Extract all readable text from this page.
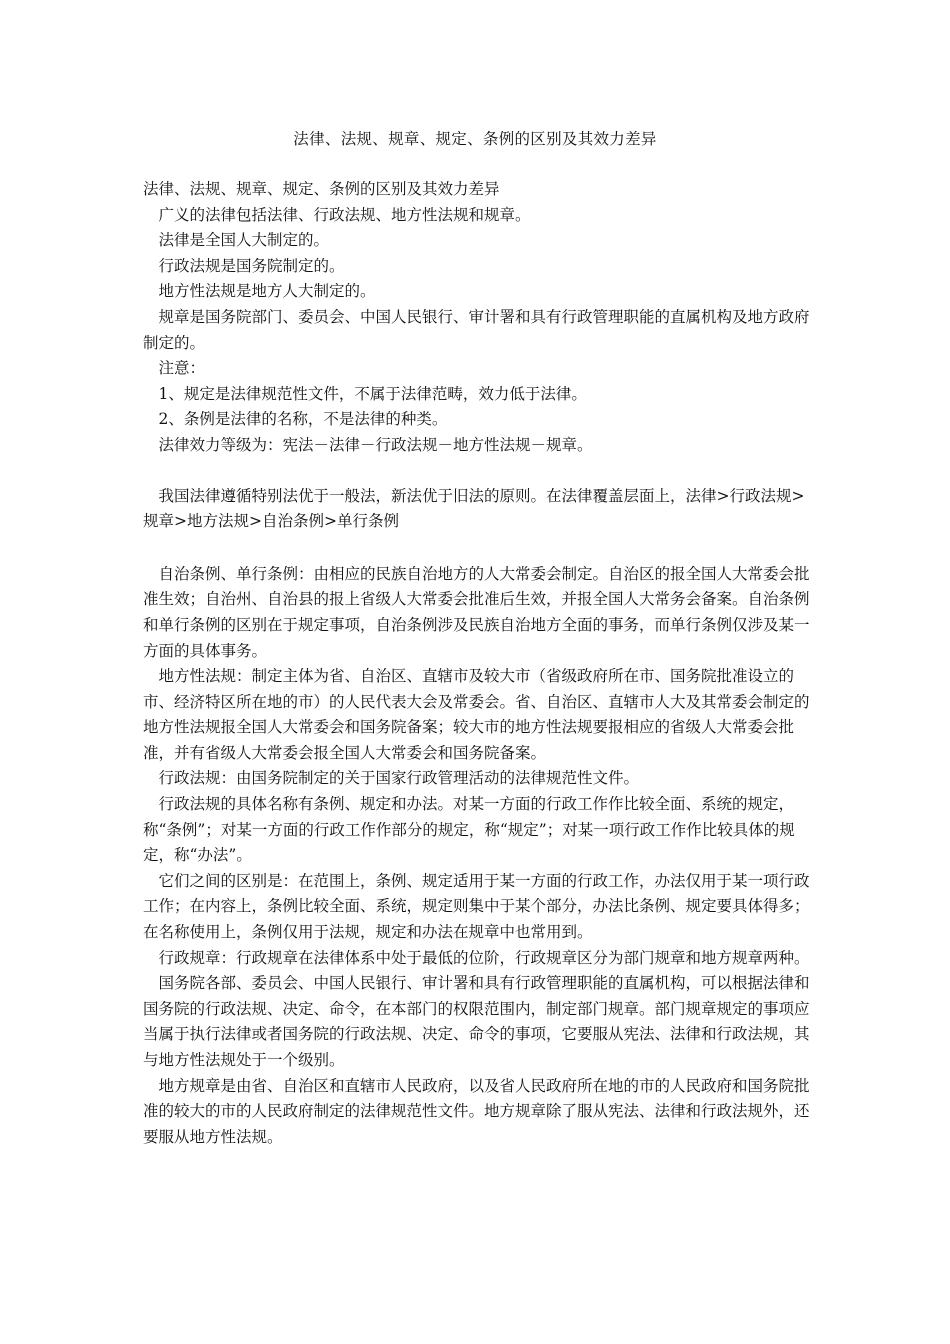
法律、法规、规章、规定、条例的区别及其效力差异

法律、法规、规章、规定、条例的区别及其效力差异

广义的法律包括法律、行政法规、地方性法规和规章。

法律是全国人大制定的。

行政法规是国务院制定的。

地方性法规是地方人大制定的。

规章是国务院部门、委员会、中国人民银行、审计署和具有行政管理职能的直属机构及地方政府制定的。

注意：

1、规定是法律规范性文件，不属于法律范畴，效力低于法律。

2、条例是法律的名称，不是法律的种类。

法律效力等级为：宪法－法律－行政法规－地方性法规－规章。

我国法律遵循特别法优于一般法，新法优于旧法的原则。在法律覆盖层面上，法律>行政法规>规章>地方法规>自治条例>单行条例

自治条例、单行条例：由相应的民族自治地方的人大常委会制定。自治区的报全国人大常委会批准生效；自治州、自治县的报上省级人大常委会批准后生效，并报全国人大常务会备案。自治条例和单行条例的区别在于规定事项，自治条例涉及民族自治地方全面的事务，而单行条例仅涉及某一方面的具体事务。

地方性法规：制定主体为省、自治区、直辖市及较大市（省级政府所在市、国务院批准设立的市、经济特区所在地的市）的人民代表大会及常委会。省、自治区、直辖市人大及其常委会制定的地方性法规报全国人大常委会和国务院备案；较大市的地方性法规要报相应的省级人大常委会批准，并有省级人大常委会报全国人大常委会和国务院备案。

行政法规：由国务院制定的关于国家行政管理活动的法律规范性文件。

行政法规的具体名称有条例、规定和办法。对某一方面的行政工作作比较全面、系统的规定，称“条例”；对某一方面的行政工作作部分的规定，称“规定”；对某一项行政工作作比较具体的规定，称“办法”。

它们之间的区别是：在范围上，条例、规定适用于某一方面的行政工作，办法仅用于某一项行政工作；在内容上，条例比较全面、系统，规定则集中于某个部分，办法比条例、规定要具体得多；在名称使用上，条例仅用于法规，规定和办法在规章中也常用到。

行政规章：行政规章在法律体系中处于最低的位阶，行政规章区分为部门规章和地方规章两种。

国务院各部、委员会、中国人民银行、审计署和具有行政管理职能的直属机构，可以根据法律和国务院的行政法规、决定、命令，在本部门的权限范围内，制定部门规章。部门规章规定的事项应当属于执行法律或者国务院的行政法规、决定、命令的事项，它要服从宪法、法律和行政法规，其与地方性法规处于一个级别。

地方规章是由省、自治区和直辖市人民政府，以及省人民政府所在地的市的人民政府和国务院批准的较大的市的人民政府制定的法律规范性文件。地方规章除了服从宪法、法律和行政法规外，还要服从地方性法规。
